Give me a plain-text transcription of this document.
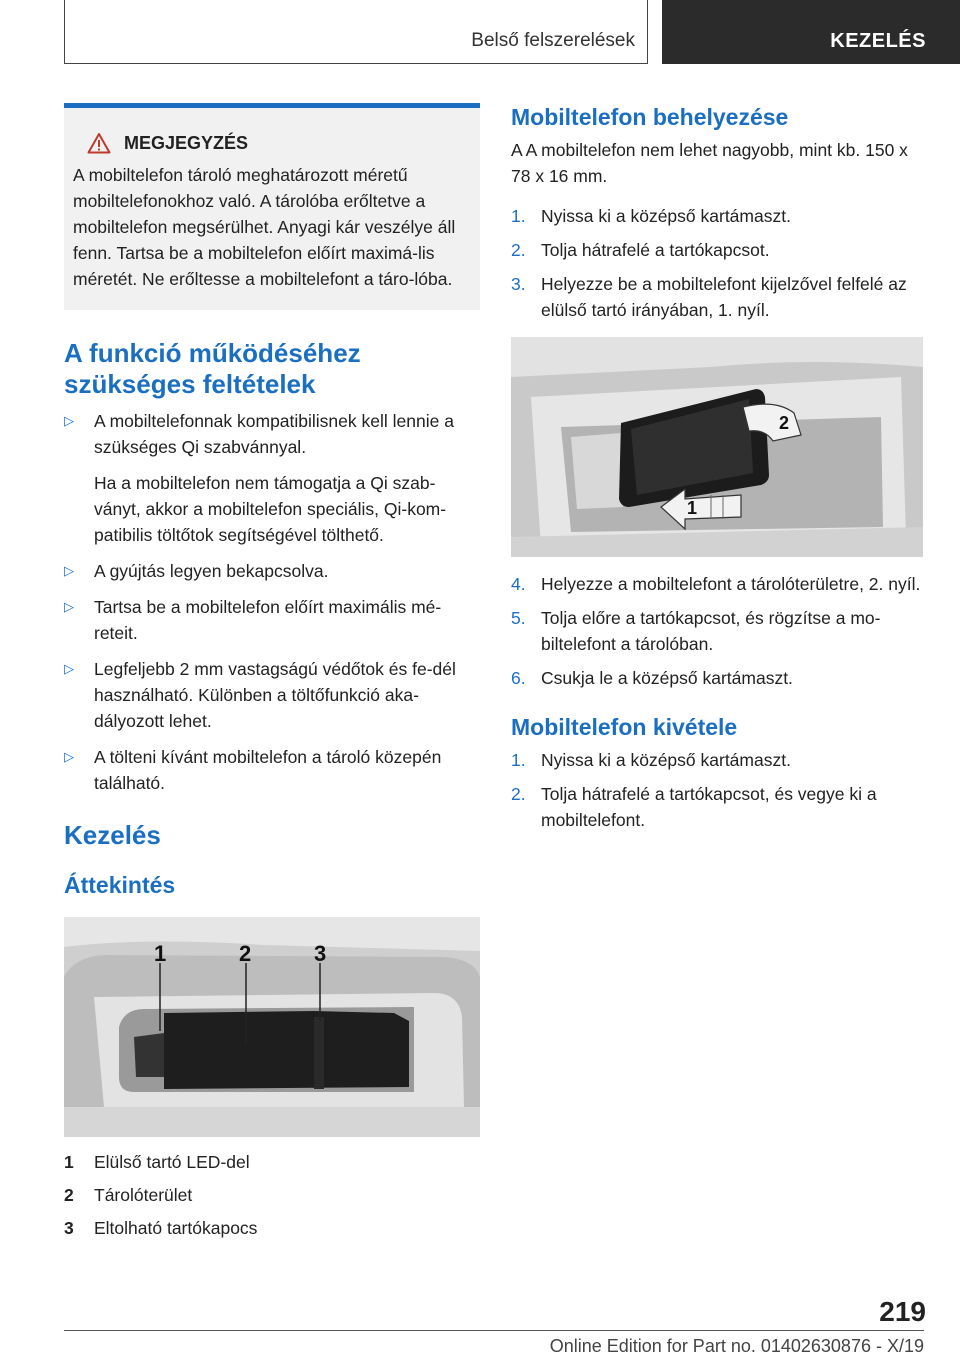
Belső felszerelések	KEZELÉS
MEGJEGYZÉS

A mobiltelefon tároló meghatározott méretű mobiltelefonokhoz való. A tárolóba erőltetve a mobiltelefon megsérülhet. Anyagi kár veszélye áll fenn. Tartsa be a mobiltelefon előírt maximá-lis méretét. Ne erőltesse a mobiltelefont a táro-lóba.

A funkció működéséhez szükséges feltételek
▷	A mobiltelefonnak kompatibilisnek kell lennie a szükséges Qi szabvánnyal.
Ha a mobiltelefon nem támogatja a Qi szab-ványt, akkor a mobiltelefon speciális, Qi-kom-patibilis töltőtok segítségével tölthető.
▷	A gyújtás legyen bekapcsolva.
▷	Tartsa be a mobiltelefon előírt maximális mé-reteit.
▷	Legfeljebb 2 mm vastagságú védőtok és fe-dél használható. Különben a töltőfunkció aka-dályozott lehet.
▷	A tölteni kívánt mobiltelefon a tároló közepén található.
Kezelés
Áttekintés
1	2	3
1	Elülső tartó LED-del
2	Tárolóterület
3	Eltolható tartókapocs
Mobiltelefon behelyezése

A A mobiltelefon nem lehet nagyobb, mint kb. 150 x 78 x 16 mm.

1. Nyissa ki a középső kartámaszt.
2. Tolja hátrafelé a tartókapcsot.
3. Helyezze be a mobiltelefont kijelzővel felfelé az elülső tartó irányában, 1. nyíl.
1
2
4. Helyezze a mobiltelefont a tárolóterületre, 2. nyíl.
5. Tolja előre a tartókapcsot, és rögzítse a mo-biltelefont a tárolóban.
6. Csukja le a középső kartámaszt.
Mobiltelefon kivétele
1. Nyissa ki a középső kartámaszt.
2. Tolja hátrafelé a tartókapcsot, és vegye ki a mobiltelefont.
219
Online Edition for Part no. 01402630876 - X/19
